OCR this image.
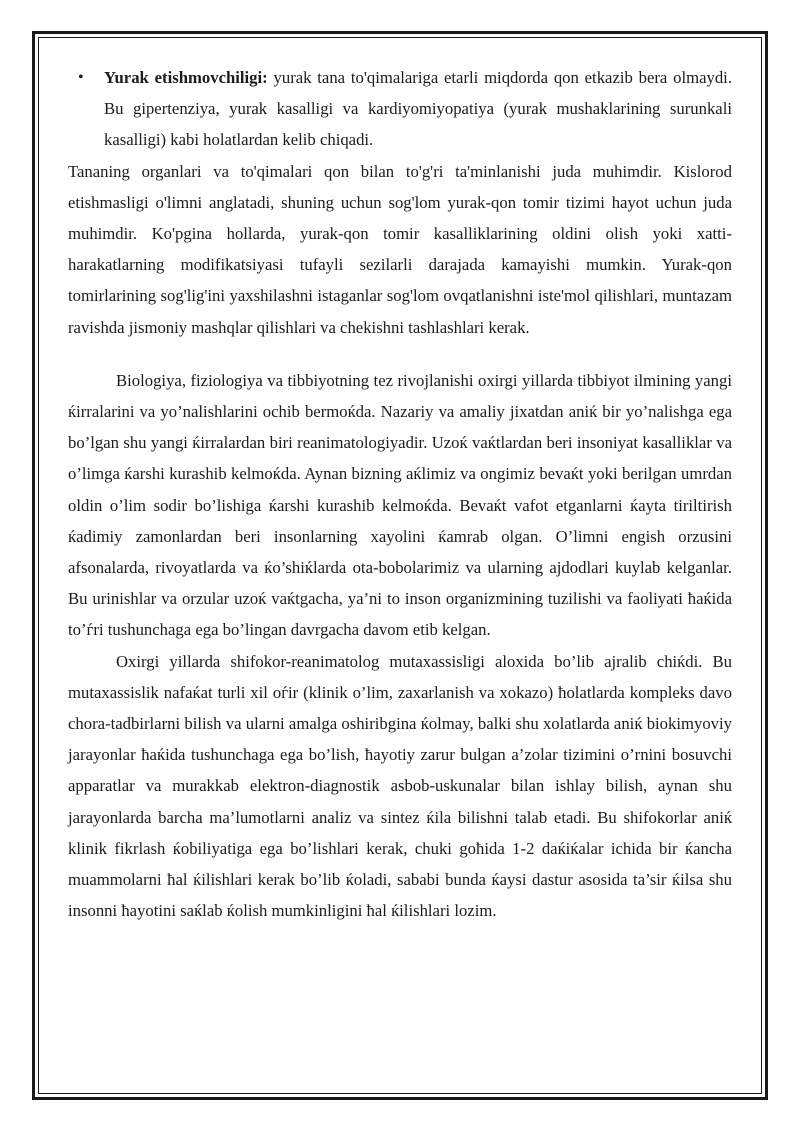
• Yurak etishmovchiligi: yurak tana to'qimalariga etarli miqdorda qon etkazib bera olmaydi. Bu gipertenziya, yurak kasalligi va kardiyomiyopatiya (yurak mushaklarining surunkali kasalligi) kabi holatlardan kelib chiqadi.

Tananing organlari va to'qimalari qon bilan to'g'ri ta'minlanishi juda muhimdir. Kislorod etishmasligi o'limni anglatadi, shuning uchun sog'lom yurak-qon tomir tizimi hayot uchun juda muhimdir. Ko'pgina hollarda, yurak-qon tomir kasalliklarining oldini olish yoki xatti-harakatlarning modifikatsiyasi tufayli sezilarli darajada kamayishi mumkin. Yurak-qon tomirlarining sog'lig'ini yaxshilashni istaganlar sog'lom ovqatlanishni iste'mol qilishlari, muntazam ravishda jismoniy mashqlar qilishlari va chekishni tashlashlari kerak.

Biologiya, fiziologiya va tibbiyotning tez rivojlanishi oxirgi yillarda tibbiyot ilmining yangi ќirralarini va yo’nalishlarini ochib bermoќda. Nazariy va amaliy jixatdan aniќ bir yo’nalishga ega bo’lgan shu yangi ќirralardan biri reanimatologiyadir. Uzoќ vaќtlardan beri insoniyat kasalliklar va o’limga ќarshi kurashib kelmoќda. Aynan bizning aќlimiz va ongimiz bevaќt yoki berilgan umrdan oldin o’lim sodir bo’lishiga ќarshi kurashib kelmoќda. Bevaќt vafot etganlarni ќayta tiriltirish ќadimiy zamonlardan beri insonlarning xayolini ќamrab olgan. O’limni engish orzusini afsonalarda, rivoyatlarda va ќo’shiќlarda ota-bobolarimiz va ularning ajdodlari kuylab kelganlar. Bu urinishlar va orzular uzoќ vaќtgacha, ya’ni to inson organizmining tuzilishi va faoliyati ћaќida to’ѓri tushunchaga ega bo’lingan davrgacha davom etib kelgan.

Oxirgi yillarda shifokor-reanimatolog mutaxassisligi aloxida bo’lib ajralib chiќdi. Bu mutaxassislik nafaќat turli xil oѓir (klinik o’lim, zaxarlanish va xokazo) ћolatlarda kompleks davo chora-tadbirlarni bilish va ularni amalga oshiribgina ќolmay, balki shu xolatlarda aniќ biokimyoviy jarayonlar ћaќida tushunchaga ega bo’lish, ћayotiy zarur bulgan a’zolar tizimini o’rnini bosuvchi apparatlar va murakkab elektron-diagnostik asbob-uskunalar bilan ishlay bilish, aynan shu jarayonlarda barcha ma’lumotlarni analiz va sintez ќila bilishni talab etadi. Bu shifokorlar aniќ klinik fikrlash ќobiliyatiga ega bo’lishlari kerak, chuki goћida 1-2 daќiќalar ichida bir ќancha muammolarni ћal ќilishlari kerak bo’lib ќoladi, sababi bunda ќaysi dastur asosida ta’sir ќilsa shu insonni ћayotini saќlab ќolish mumkinligini ћal ќilishlari lozim.
